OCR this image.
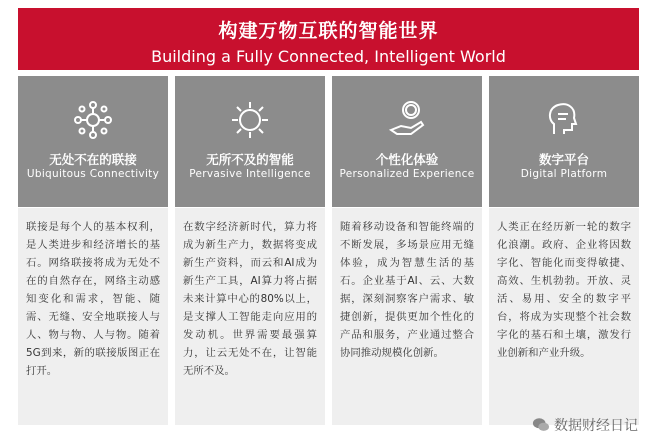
构建万物互联的智能世界
Building a Fully Connected, Intelligent World
无处不在的联接
Ubiquitous Connectivity
联接是每个人的基本权利，是人类进步和经济增长的基石。网络联接将成为无处不在的自然存在，网络主动感知变化和需求，智能、随需、无缝、安全地联接人与人、物与物、人与物。随着5G到来，新的联接版图正在打开。
无所不及的智能
Pervasive Intelligence
在数字经济新时代，算力将成为新生产力，数据将变成新生产资料，而云和AI成为新生产工具，AI算力将占据未来计算中心的80%以上，是支撑人工智能走向应用的发动机。世界需要最强算力，让云无处不在，让智能无所不及。
个性化体验
Personalized Experience
随着移动设备和智能终端的不断发展，多场景应用无缝体验，成为智慧生活的基石。企业基于AI、云、大数据，深刻洞察客户需求、敏捷创新，提供更加个性化的产品和服务，产业通过整合协同推动规模化创新。
数字平台
Digital Platform
人类正在经历新一轮的数字化浪潮。政府、企业将因数字化、智能化而变得敏捷、高效、生机勃勃。开放、灵活、易用、安全的数字平台，将成为实现整个社会数字化的基石和土壤，激发行业创新和产业升级。
数据财经日记
